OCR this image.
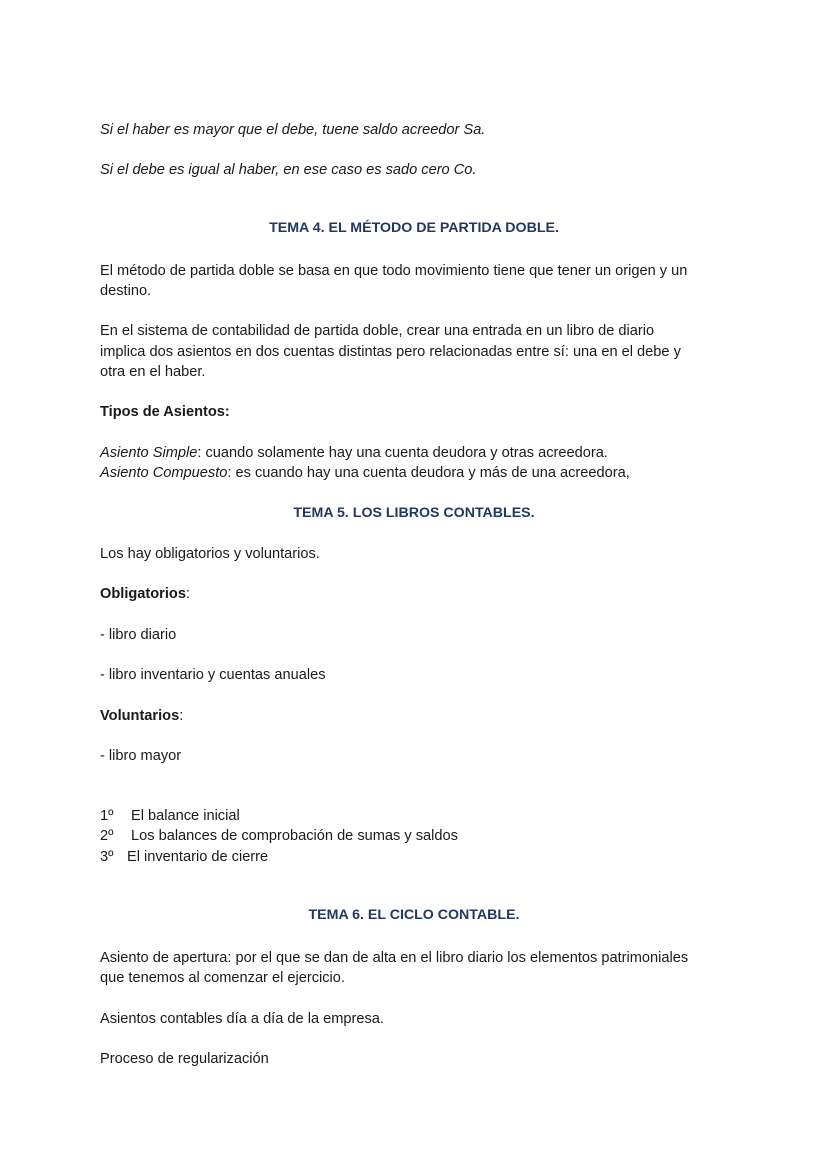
Si el haber es mayor que el debe, tuene saldo acreedor Sa.

Si el debe es igual al haber, en ese caso es sado cero Co.

TEMA 4. EL MÉTODO DE PARTIDA DOBLE.

El método de partida doble se basa en que todo movimiento tiene que tener un origen y un

destino.

En el sistema de contabilidad de partida doble, crear una entrada en un libro de diario

implica dos asientos en dos cuentas distintas pero relacionadas entre sí: una en el debe y

otra en el haber.

Tipos de Asientos:

Asiento Simple: cuando solamente hay una cuenta deudora y otras acreedora.

Asiento Compuesto: es cuando hay una cuenta deudora y más de una acreedora,

TEMA 5. LOS LIBROS CONTABLES.

Los hay obligatorios y voluntarios.

Obligatorios:

- libro diario

- libro inventario y cuentas anuales

Voluntarios:

- libro mayor

1º El balance inicial

2º Los balances de comprobación de sumas y saldos

3º El inventario de cierre

TEMA 6. EL CICLO CONTABLE.

Asiento de apertura: por el que se dan de alta en el libro diario los elementos patrimoniales

que tenemos al comenzar el ejercicio.

Asientos contables día a día de la empresa.

Proceso de regularización
